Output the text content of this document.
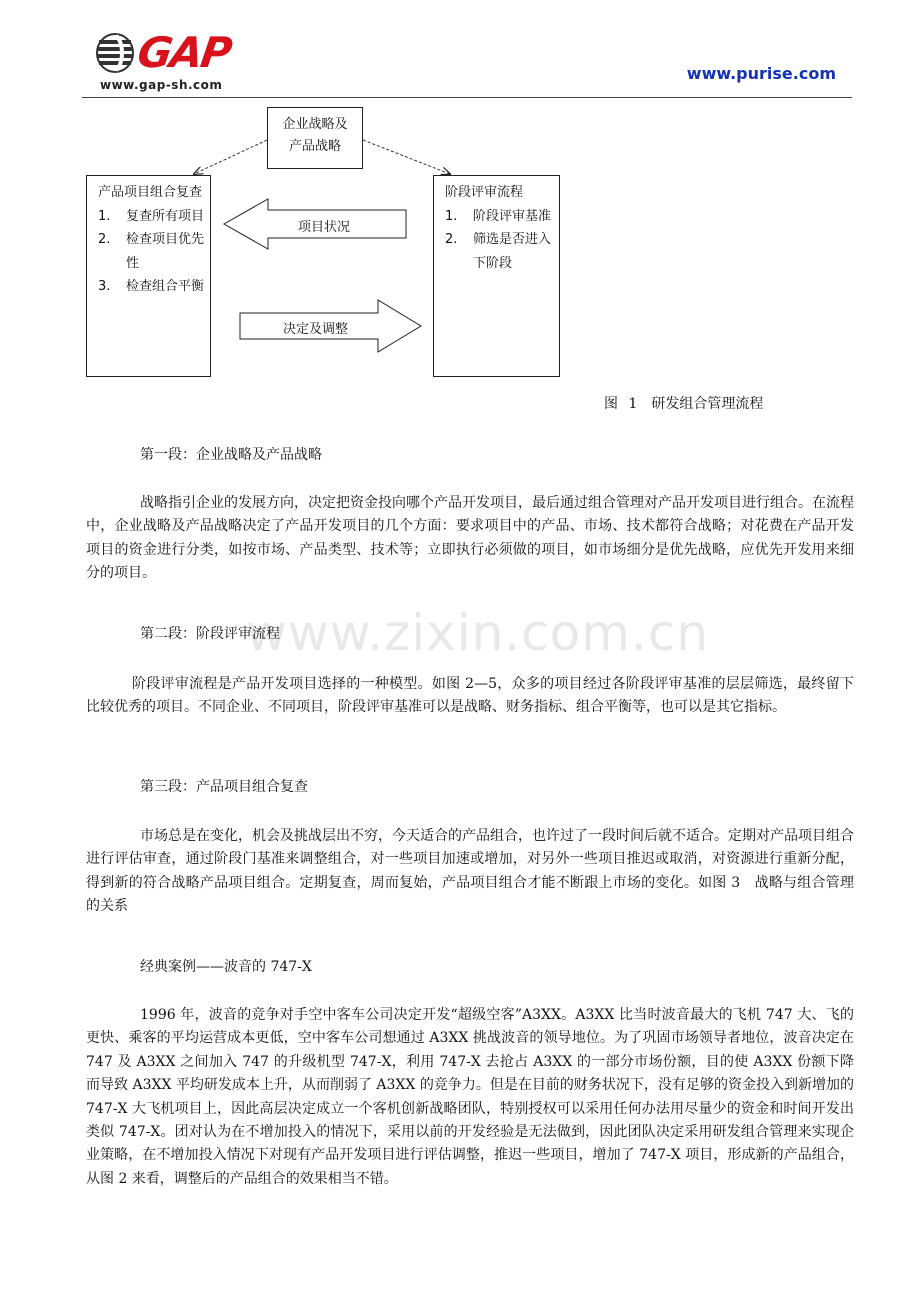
GAP
www.gap-sh.com
www.purise.com
企业战略及
产品战略
产品项目组合复查
1.	复查所有项目
2.	检查项目优先性
3.	检查组合平衡
阶段评审流程
1.	阶段评审基准
2.	筛选是否进入下阶段
项目状况
决定及调整
图 1　研发组合管理流程
www.zixin.com.cn

第一段：企业战略及产品战略

战略指引企业的发展方向，决定把资金投向哪个产品开发项目，最后通过组合管理对产品开发项目进行组合。在流程中，企业战略及产品战略决定了产品开发项目的几个方面：要求项目中的产品、市场、技术都符合战略；对花费在产品开发项目的资金进行分类，如按市场、产品类型、技术等；立即执行必须做的项目，如市场细分是优先战略，应优先开发用来细分的项目。

第二段：阶段评审流程

阶段评审流程是产品开发项目选择的一种模型。如图 2—5，众多的项目经过各阶段评审基准的层层筛选，最终留下比较优秀的项目。不同企业、不同项目，阶段评审基准可以是战略、财务指标、组合平衡等，也可以是其它指标。

第三段：产品项目组合复查

市场总是在变化，机会及挑战层出不穷，今天适合的产品组合，也许过了一段时间后就不适合。定期对产品项目组合进行评估审查，通过阶段门基准来调整组合，对一些项目加速或增加，对另外一些项目推迟或取消，对资源进行重新分配，得到新的符合战略产品项目组合。定期复查，周而复始，产品项目组合才能不断跟上市场的变化。如图 3　战略与组合管理的关系

经典案例——波音的 747-X

1996 年，波音的竞争对手空中客车公司决定开发“超级空客”A3XX。A3XX 比当时波音最大的飞机 747 大、飞的更快、乘客的平均运营成本更低，空中客车公司想通过 A3XX 挑战波音的领导地位。为了巩固市场领导者地位，波音决定在 747 及 A3XX 之间加入 747 的升级机型 747-X，利用 747-X 去抢占 A3XX 的一部分市场份额，目的使 A3XX 份额下降而导致 A3XX 平均研发成本上升，从而削弱了 A3XX 的竞争力。但是在目前的财务状况下，没有足够的资金投入到新增加的 747-X 大飞机项目上，因此高层决定成立一个客机创新战略团队，特别授权可以采用任何办法用尽量少的资金和时间开发出类似 747-X。团对认为在不增加投入的情况下，采用以前的开发经验是无法做到，因此团队决定采用研发组合管理来实现企业策略，在不增加投入情况下对现有产品开发项目进行评估调整，推迟一些项目，增加了 747-X 项目，形成新的产品组合，从图 2 来看，调整后的产品组合的效果相当不错。
